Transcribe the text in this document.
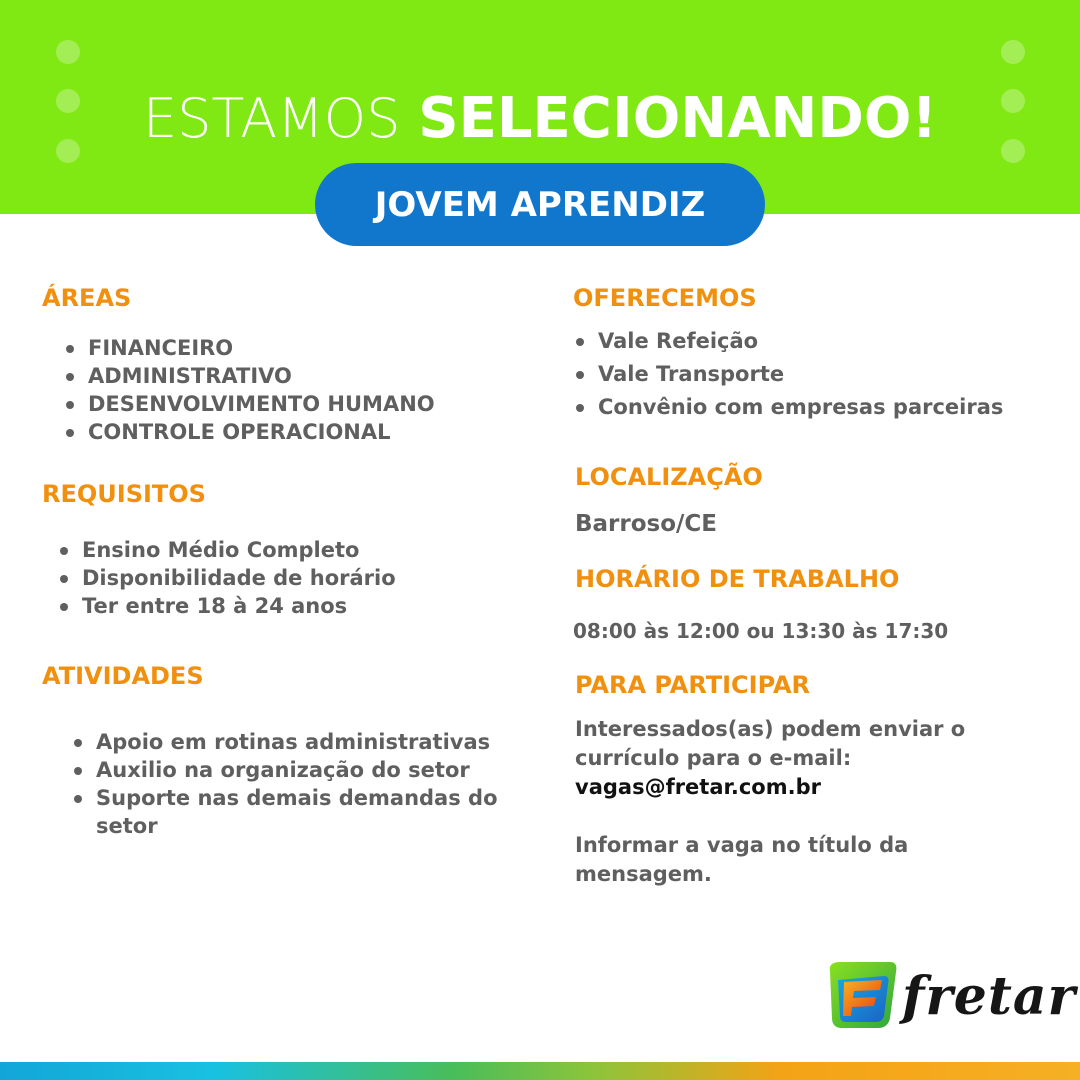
ESTAMOS SELECIONANDO!
JOVEM APRENDIZ
ÁREAS
FINANCEIRO
ADMINISTRATIVO
DESENVOLVIMENTO HUMANO
CONTROLE OPERACIONAL
REQUISITOS
Ensino Médio Completo
Disponibilidade de horário
Ter entre 18 à 24 anos
ATIVIDADES
Apoio em rotinas administrativas
Auxilio na organização do setor
Suporte nas demais demandas do setor
OFERECEMOS
Vale Refeição
Vale Transporte
Convênio com empresas parceiras
LOCALIZAÇÃO
Barroso/CE
HORÁRIO DE TRABALHO
08:00 às 12:00 ou 13:30 às 17:30
PARA PARTICIPAR
Interessados(as) podem enviar o currículo para o e-mail:
vagas@fretar.com.br
Informar a vaga no título da mensagem.
fretar
